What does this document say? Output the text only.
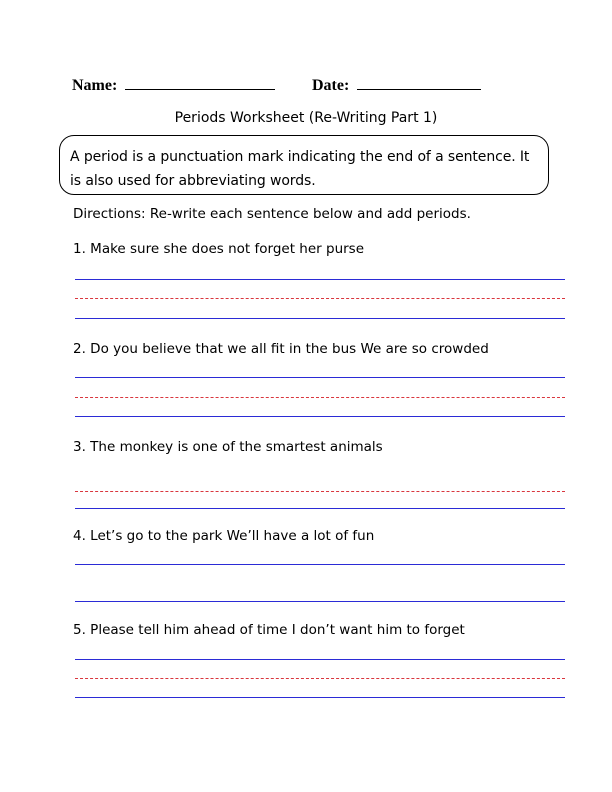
Name:	Date:
Periods Worksheet (Re-Writing Part 1)
A period is a punctuation mark indicating the end of a sentence. It is also used for abbreviating words.
Directions: Re-write each sentence below and add periods.
1. Make sure she does not forget her purse
2. Do you believe that we all fit in the bus We are so crowded
3. The monkey is one of the smartest animals
4. Let’s go to the park We’ll have a lot of fun
5. Please tell him ahead of time I don’t want him to forget
